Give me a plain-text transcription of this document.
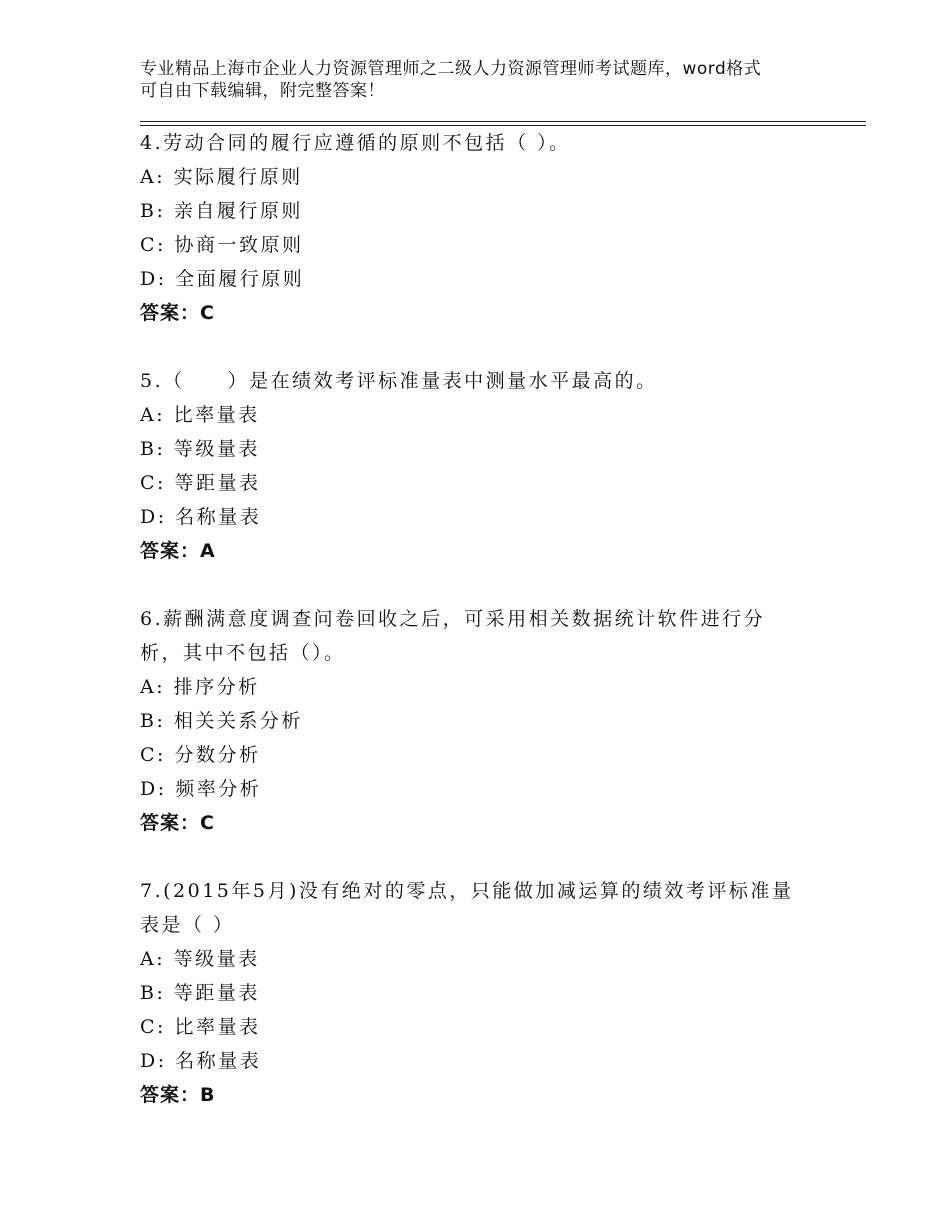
专业精品上海市企业人力资源管理师之二级人力资源管理师考试题库，word格式
可自由下载编辑，附完整答案！
4.劳动合同的履行应遵循的原则不包括（ ）。
A: 实际履行原则
B: 亲自履行原则
C: 协商一致原则
D: 全面履行原则
答案：C
5.（　　）是在绩效考评标准量表中测量水平最高的。
A: 比率量表
B: 等级量表
C: 等距量表
D: 名称量表
答案：A
6.薪酬满意度调查问卷回收之后，可采用相关数据统计软件进行分
析，其中不包括（）。
A: 排序分析
B: 相关关系分析
C: 分数分析
D: 频率分析
答案：C
7.(2015年5月)没有绝对的零点，只能做加减运算的绩效考评标准量
表是（ ）
A: 等级量表
B: 等距量表
C: 比率量表
D: 名称量表
答案：B
